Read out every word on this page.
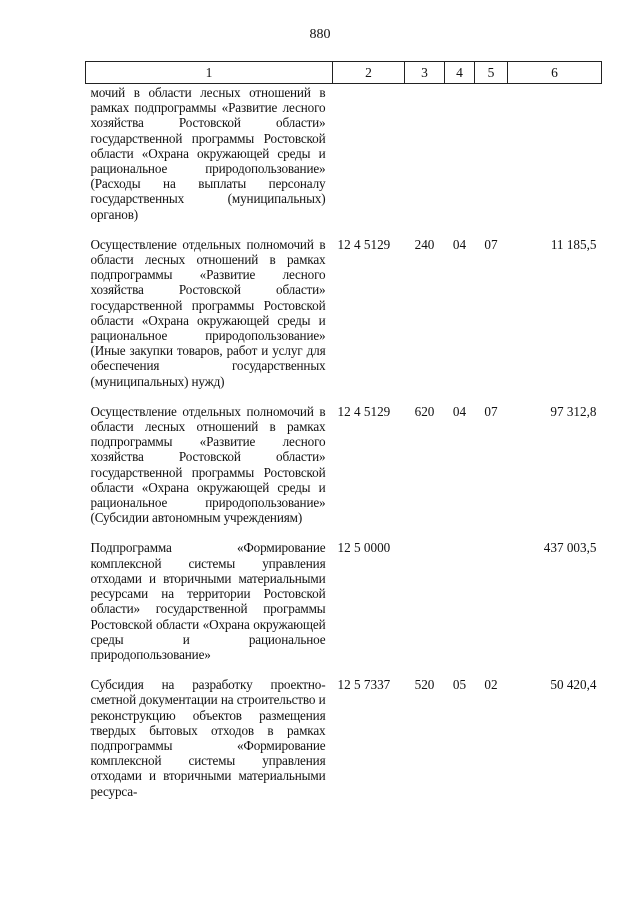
880
1	2	3	4	5	6
мочий в области лесных отношений в рамках подпрограммы «Развитие лесного хозяйства Ростовской области» государственной программы Ростовской области «Охрана окружающей среды и рациональное природопользование» (Расходы на выплаты персоналу государственных (муниципальных) органов)					
Осуществление отдельных полномочий в области лесных отношений в рамках подпрограммы «Развитие лесного хозяйства Ростовской области» государственной программы Ростовской области «Охрана окружающей среды и рациональное природопользование» (Иные закупки товаров, работ и услуг для обеспечения государственных (муниципальных) нужд)	12 4 5129	240	04	07	11 185,5
Осуществление отдельных полномочий в области лесных отношений в рамках подпрограммы «Развитие лесного хозяйства Ростовской области» государственной программы Ростовской области «Охрана окружающей среды и рациональное природопользование» (Субсидии автономным учреждениям)	12 4 5129	620	04	07	97 312,8
Подпрограмма «Формирование комплексной системы управления отходами и вторичными материальными ресурсами на территории Ростовской области» государственной программы Ростовской области «Охрана окружающей среды и рациональное природопользование»	12 5 0000				437 003,5
Субсидия на разработку проектно-сметной документации на строительство и реконструкцию объектов размещения твердых бытовых отходов в рамках подпрограммы «Формирование комплексной системы управления отходами и вторичными материальными ресурса-	12 5 7337	520	05	02	50 420,4
